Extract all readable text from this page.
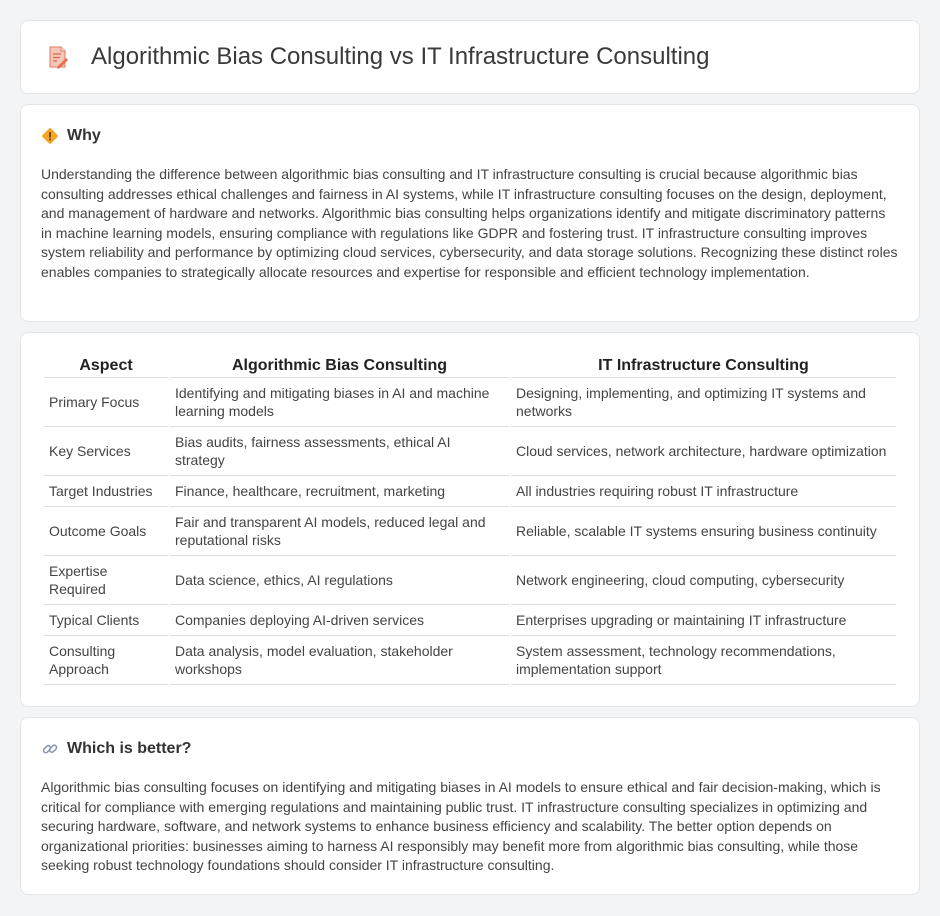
Algorithmic Bias Consulting vs IT Infrastructure Consulting
Why

Understanding the difference between algorithmic bias consulting and IT infrastructure consulting is crucial because algorithmic bias consulting addresses ethical challenges and fairness in AI systems, while IT infrastructure consulting focuses on the design, deployment, and management of hardware and networks. Algorithmic bias consulting helps organizations identify and mitigate discriminatory patterns in machine learning models, ensuring compliance with regulations like GDPR and fostering trust. IT infrastructure consulting improves system reliability and performance by optimizing cloud services, cybersecurity, and data storage solutions. Recognizing these distinct roles enables companies to strategically allocate resources and expertise for responsible and efficient technology implementation.

Aspect	Algorithmic Bias Consulting	IT Infrastructure Consulting
Primary Focus	Identifying and mitigating biases in AI and machine learning models	Designing, implementing, and optimizing IT systems and networks
Key Services	Bias audits, fairness assessments, ethical AI strategy	Cloud services, network architecture, hardware optimization
Target Industries	Finance, healthcare, recruitment, marketing	All industries requiring robust IT infrastructure
Outcome Goals	Fair and transparent AI models, reduced legal and reputational risks	Reliable, scalable IT systems ensuring business continuity
Expertise Required	Data science, ethics, AI regulations	Network engineering, cloud computing, cybersecurity
Typical Clients	Companies deploying AI-driven services	Enterprises upgrading or maintaining IT infrastructure
Consulting Approach	Data analysis, model evaluation, stakeholder workshops	System assessment, technology recommendations, implementation support
Which is better?

Algorithmic bias consulting focuses on identifying and mitigating biases in AI models to ensure ethical and fair decision-making, which is critical for compliance with emerging regulations and maintaining public trust. IT infrastructure consulting specializes in optimizing and securing hardware, software, and network systems to enhance business efficiency and scalability. The better option depends on organizational priorities: businesses aiming to harness AI responsibly may benefit more from algorithmic bias consulting, while those seeking robust technology foundations should consider IT infrastructure consulting.
